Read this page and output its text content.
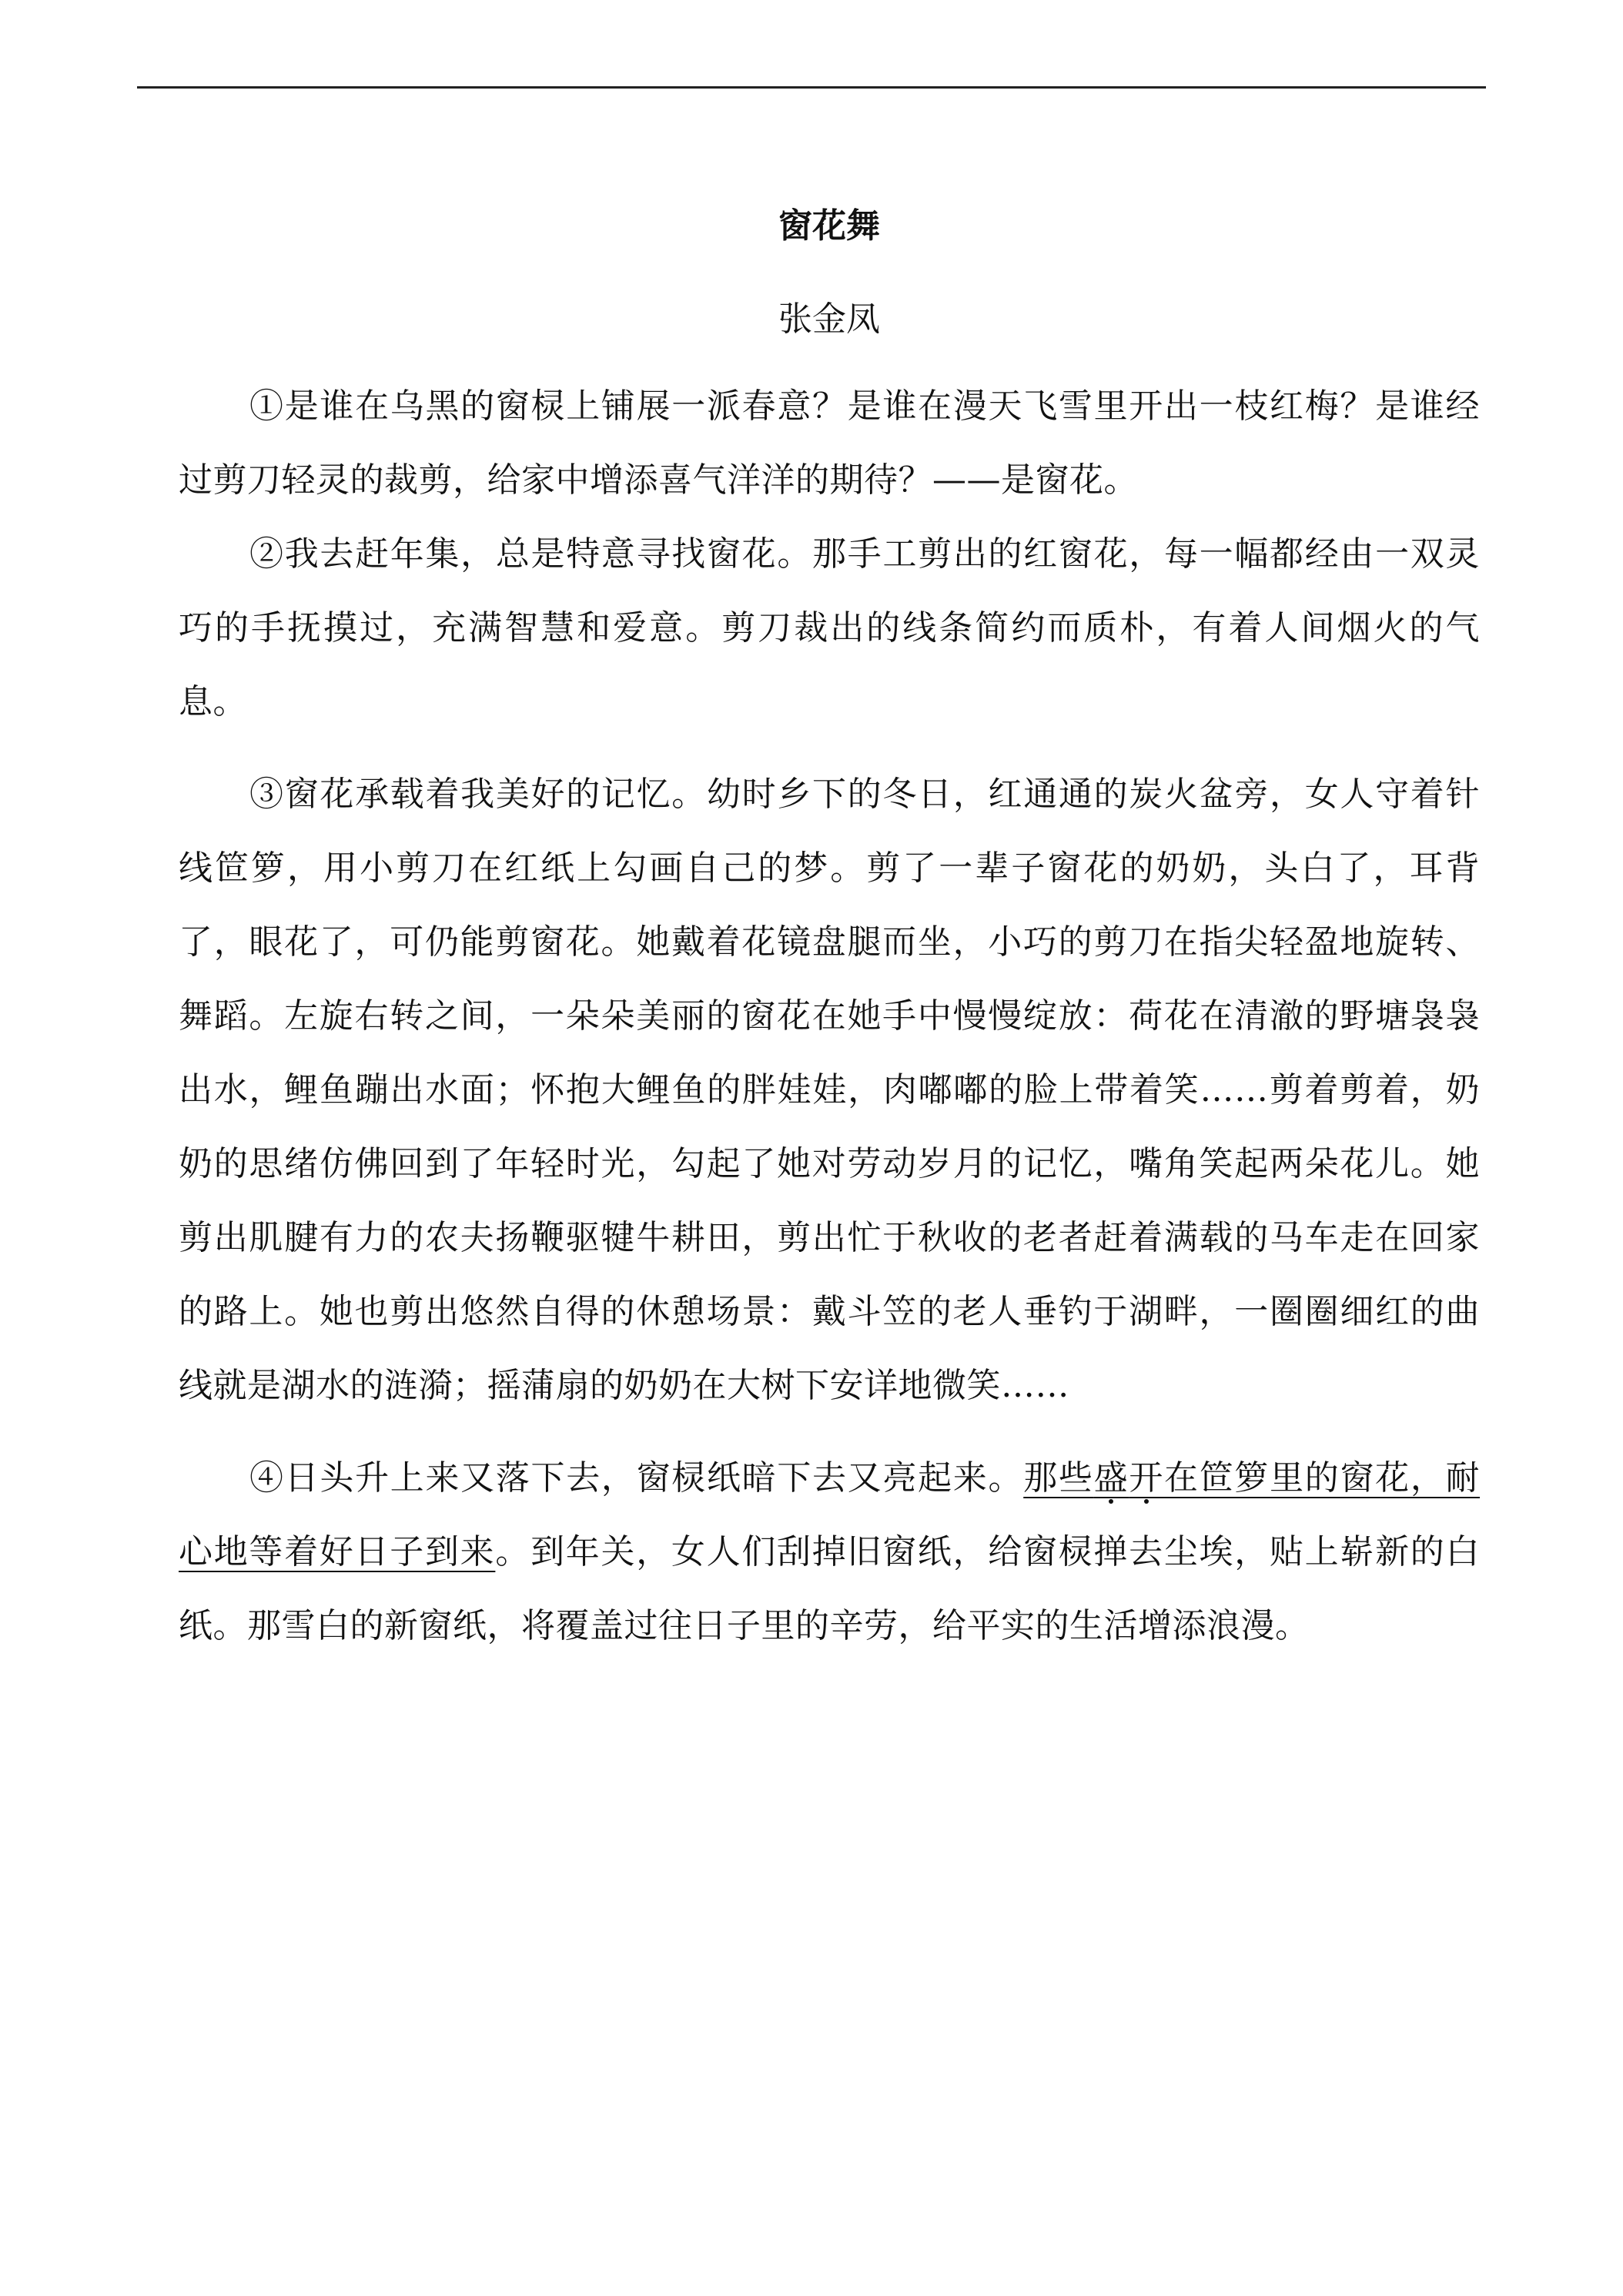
窗花舞
张金凤

①是谁在乌黑的窗棂上铺展一派春意？是谁在漫天飞雪里开出一枝红梅？是谁经过剪刀轻灵的裁剪，给家中增添喜气洋洋的期待？——是窗花。

②我去赶年集，总是特意寻找窗花。那手工剪出的红窗花，每一幅都经由一双灵巧的手抚摸过，充满智慧和爱意。剪刀裁出的线条简约而质朴，有着人间烟火的气息。

③窗花承载着我美好的记忆。幼时乡下的冬日，红通通的炭火盆旁，女人守着针线笸箩，用小剪刀在红纸上勾画自己的梦。剪了一辈子窗花的奶奶，头白了，耳背了，眼花了，可仍能剪窗花。她戴着花镜盘腿而坐，小巧的剪刀在指尖轻盈地旋转、舞蹈。左旋右转之间，一朵朵美丽的窗花在她手中慢慢绽放：荷花在清澈的野塘袅袅出水，鲤鱼蹦出水面；怀抱大鲤鱼的胖娃娃，肉嘟嘟的脸上带着笑……剪着剪着，奶奶的思绪仿佛回到了年轻时光，勾起了她对劳动岁月的记忆，嘴角笑起两朵花儿。她剪出肌腱有力的农夫扬鞭驱犍牛耕田，剪出忙于秋收的老者赶着满载的马车走在回家的路上。她也剪出悠然自得的休憩场景：戴斗笠的老人垂钓于湖畔，一圈圈细红的曲线就是湖水的涟漪；摇蒲扇的奶奶在大树下安详地微笑……

④日头升上来又落下去，窗棂纸暗下去又亮起来。那些盛开在笸箩里的窗花，耐心地等着好日子到来。到年关，女人们刮掉旧窗纸，给窗棂掸去尘埃，贴上崭新的白纸。那雪白的新窗纸，将覆盖过往日子里的辛劳，给平实的生活增添浪漫。
